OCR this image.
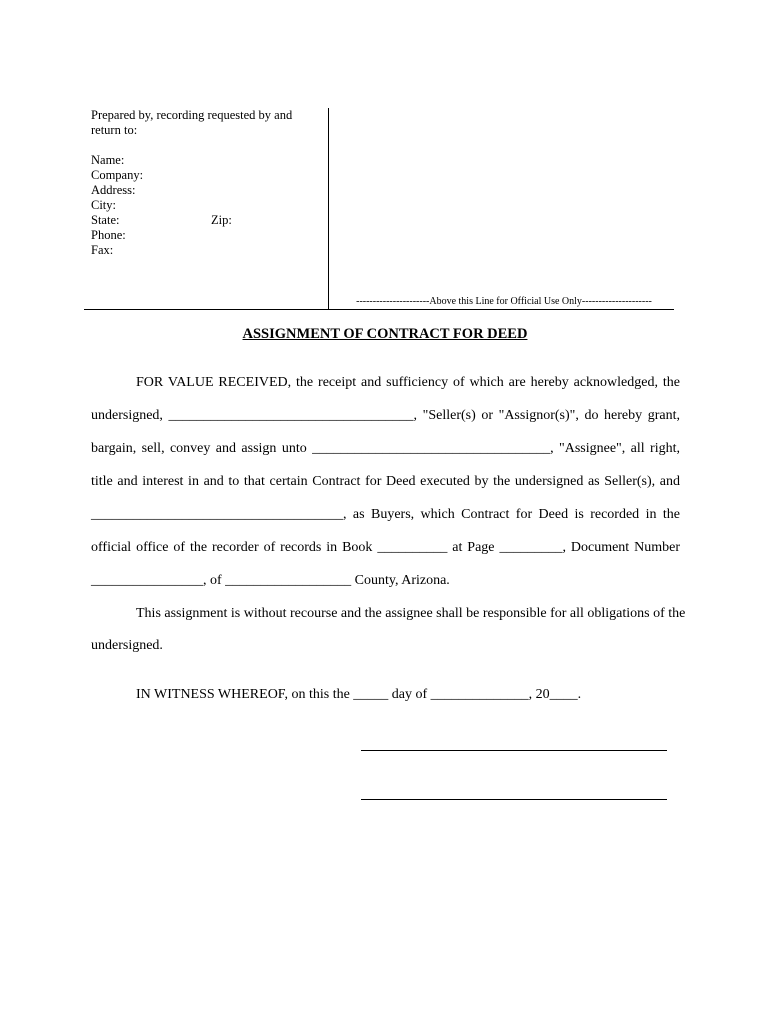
Prepared by, recording requested by and return to:
Name:
Company:
Address:
City:
State:	Zip:
Phone:
Fax:
----------------------Above this Line for Official Use Only---------------------
ASSIGNMENT OF CONTRACT FOR DEED
FOR VALUE RECEIVED, the receipt and sufficiency of which are hereby acknowledged, the
undersigned, ___________________________________, "Seller(s) or "Assignor(s)", do hereby grant,
bargain, sell, convey and assign unto __________________________________, "Assignee", all right,
title and interest in and to that certain Contract for Deed executed by the undersigned as Seller(s), and
____________________________________, as Buyers, which Contract for Deed is recorded in the
official office of the recorder of records in Book __________ at Page _________, Document Number
________________, of __________________ County, Arizona.
This assignment is without recourse and the assignee shall be responsible for all obligations of the
undersigned.
IN WITNESS WHEREOF, on this the _____ day of ______________, 20____.
